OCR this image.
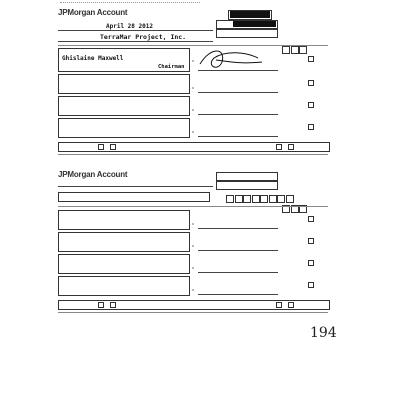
JPMorgan Account
April 28 2012
TerraMar Project, Inc.
Ghislaine Maxwell
Chairman
x
x
x
x
JPMorgan Account
x
x
x
x
194
